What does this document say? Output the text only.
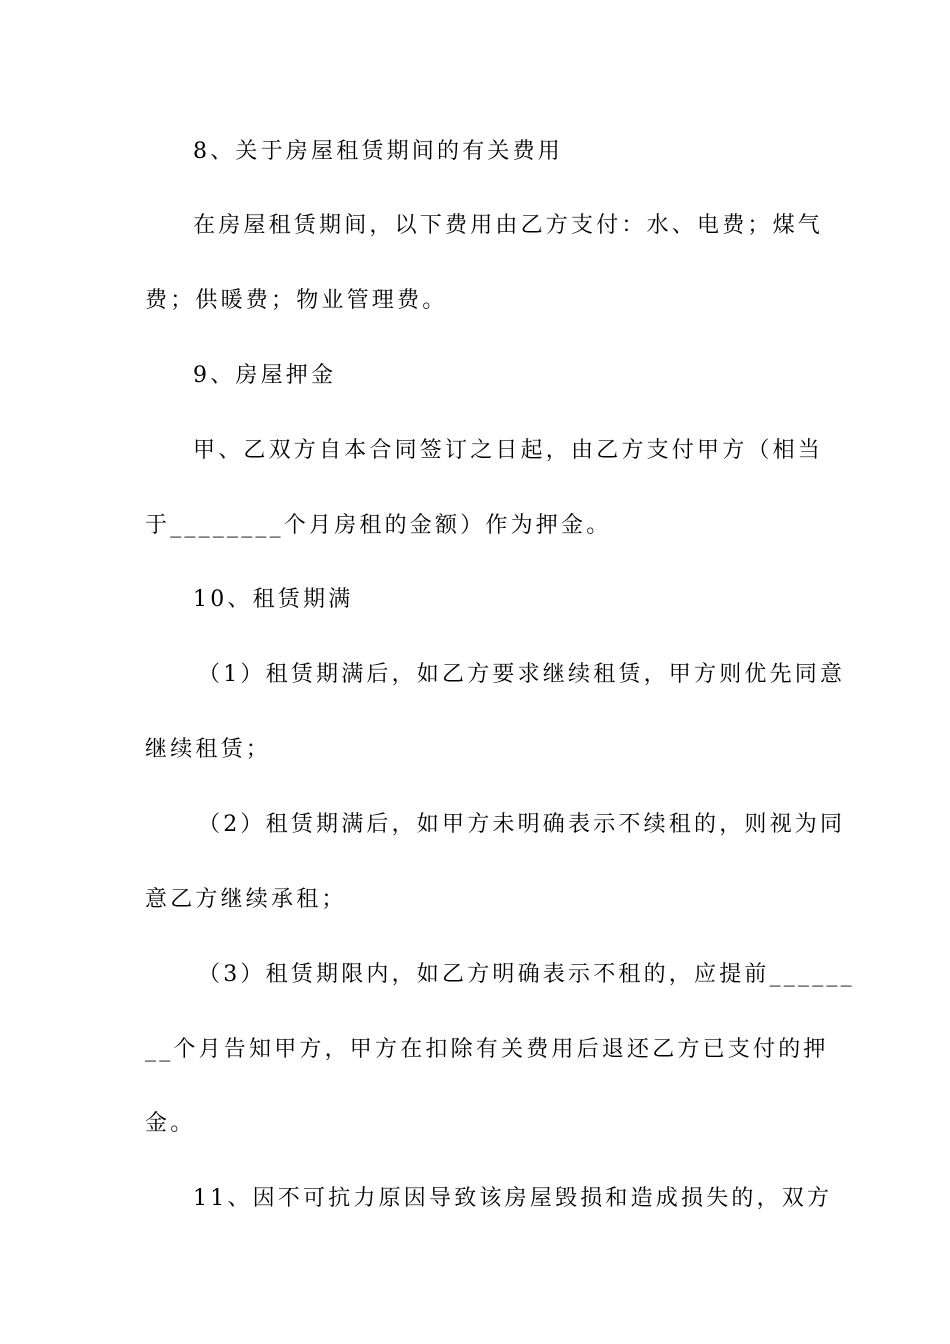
8、关于房屋租赁期间的有关费用
在房屋租赁期间，以下费用由乙方支付：水、电费；煤气
费；供暖费；物业管理费。
9、房屋押金
甲、乙双方自本合同签订之日起，由乙方支付甲方（相当
于________个月房租的金额）作为押金。
10、租赁期满
（1）租赁期满后，如乙方要求继续租赁，甲方则优先同意
继续租赁；
（2）租赁期满后，如甲方未明确表示不续租的，则视为同
意乙方继续承租；
（3）租赁期限内，如乙方明确表示不租的，应提前______
__个月告知甲方，甲方在扣除有关费用后退还乙方已支付的押
金。
11、因不可抗力原因导致该房屋毁损和造成损失的，双方
